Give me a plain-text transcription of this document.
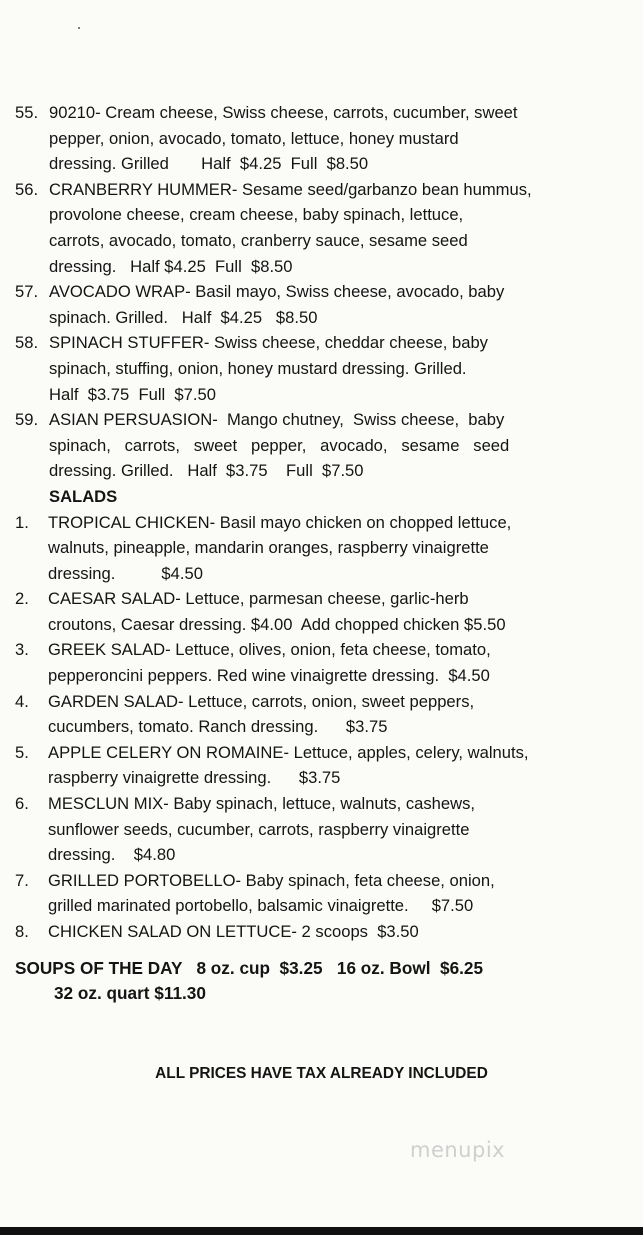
55. 90210- Cream cheese, Swiss cheese, carrots, cucumber, sweet
pepper, onion, avocado, tomato, lettuce, honey mustard
dressing. Grilled       Half  $4.25  Full  $8.50
56. CRANBERRY HUMMER- Sesame seed/garbanzo bean hummus,
provolone cheese, cream cheese, baby spinach, lettuce,
carrots, avocado, tomato, cranberry sauce, sesame seed
dressing.   Half $4.25  Full  $8.50
57. AVOCADO WRAP- Basil mayo, Swiss cheese, avocado, baby
spinach. Grilled.   Half  $4.25   $8.50
58. SPINACH STUFFER- Swiss cheese, cheddar cheese, baby
spinach, stuffing, onion, honey mustard dressing. Grilled.
Half  $3.75  Full  $7.50
59. ASIAN PERSUASION-  Mango chutney,  Swiss cheese,  baby
spinach,   carrots,   sweet   pepper,   avocado,   sesame   seed
dressing. Grilled.   Half  $3.75    Full  $7.50
SALADS
1.	TROPICAL CHICKEN- Basil mayo chicken on chopped lettuce,
walnuts, pineapple, mandarin oranges, raspberry vinaigrette
dressing.          $4.50
2.	CAESAR SALAD- Lettuce, parmesan cheese, garlic-herb
croutons, Caesar dressing. $4.00  Add chopped chicken $5.50
3.	GREEK SALAD- Lettuce, olives, onion, feta cheese, tomato,
pepperoncini peppers. Red wine vinaigrette dressing.  $4.50
4.	GARDEN SALAD- Lettuce, carrots, onion, sweet peppers,
cucumbers, tomato. Ranch dressing.      $3.75
5.	APPLE CELERY ON ROMAINE- Lettuce, apples, celery, walnuts,
raspberry vinaigrette dressing.      $3.75
6.	MESCLUN MIX- Baby spinach, lettuce, walnuts, cashews,
sunflower seeds, cucumber, carrots, raspberry vinaigrette
dressing.    $4.80
7.	GRILLED PORTOBELLO- Baby spinach, feta cheese, onion,
grilled marinated portobello, balsamic vinaigrette.     $7.50
8.	CHICKEN SALAD ON LETTUCE- 2 scoops  $3.50
SOUPS OF THE DAY   8 oz. cup  $3.25   16 oz. Bowl  $6.25
32 oz. quart $11.30
ALL PRICES HAVE TAX ALREADY INCLUDED
menupix
